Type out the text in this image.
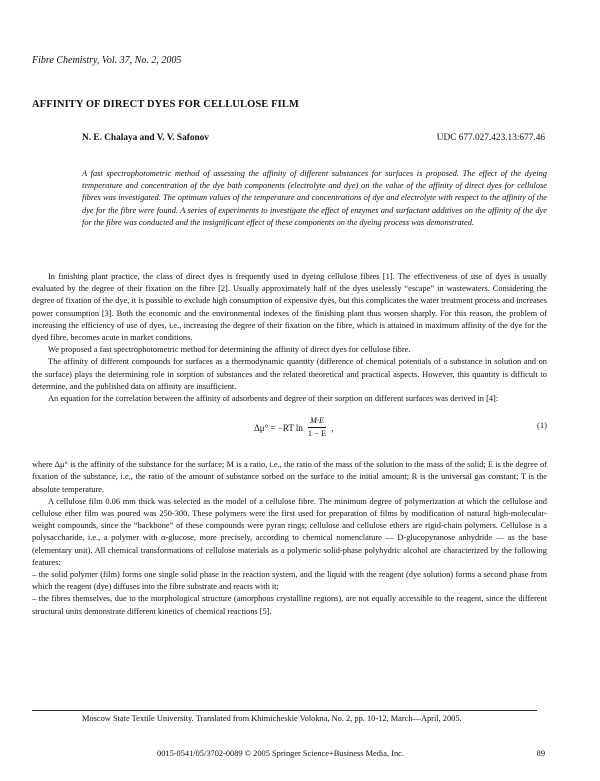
Fibre Chemistry, Vol. 37, No. 2, 2005
AFFINITY OF DIRECT DYES FOR CELLULOSE FILM
N. E. Chalaya and V. V. Safonov	UDC 677.027.423.13:677.46

A fast spectrophotometric method of assessing the affinity of different substances for surfaces is proposed. The effect of the dyeing temperature and concentration of the dye bath components (electrolyte and dye) on the value of the affinity of direct dyes for cellulose fibres was investigated. The optimum values of the temperature and concentrations of dye and electrolyte with respect to the affinity of the dye for the fibre were found. A series of experiments to investigate the effect of enzymes and surfactant additives on the affinity of the dye for the fibre was conducted and the insignificant effect of these components on the dyeing process was demonstrated.

In finishing plant practice, the class of direct dyes is frequently used in dyeing cellulose fibres [1]. The effectiveness of use of dyes is usually evaluated by the degree of their fixation on the fibre [2]. Usually approximately half of the dyes uselessly “escape” in wastewaters. Considering the degree of fixation of the dye, it is possible to exclude high consumption of expensive dyes, but this complicates the water treatment process and increases power consumption [3]. Both the economic and the environmental indexes of the finishing plant thus worsen sharply. For this reason, the problem of increasing the efficiency of use of dyes, i.e., increasing the degree of their fixation on the fibre, which is attained in maximum affinity of the dye for the dyed fibre, becomes acute in market conditions.

We proposed a fast spectrophotometric method for determining the affinity of direct dyes for cellulose fibre.

The affinity of different compounds for surfaces as a thermodynamic quantity (difference of chemical potentials of a substance in solution and on the surface) plays the determining role in sorption of substances and the related theoretical and practical aspects. However, this quantity is difficult to determine, and the published data on affinity are insufficient.

An equation for the correlation between the affinity of adsorbents and degree of their sorption on different surfaces was derived in [4]:

Δμ° = −RT $\ln \frac{M\cdot E}{1 - E}$ ,	(1)

where Δμ° is the affinity of the substance for the surface; M is a ratio, i.e., the ratio of the mass of the solution to the mass of the solid; E is the degree of fixation of the substance, i.e., the ratio of the amount of substance sorbed on the surface to the initial amount; R is the universal gas constant; T is the absolute temperature.

A cellulose film 0.06 mm thick was selected as the model of a cellulose fibre. The minimum degree of polymerization at which the cellulose and cellulose ether film was poured was 250-300. These polymers were the first used for preparation of films by modification of natural high-molecular-weight compounds, since the “backbone” of these compounds were pyran rings; cellulose and cellulose ethers are rigid-chain polymers. Cellulose is a polysaccharide, i.e., a polymer with α-glucose, more precisely, according to chemical nomenclature — D-glucopyranose anhydride — as the base (elementary unit). All chemical transformations of cellulose materials as a polymeric solid-phase polyhydric alcohol are characterized by the following features:

– the solid polymer (film) forms one single solid phase in the reaction system, and the liquid with the reagent (dye solution) forms a second phase from which the reagent (dye) diffuses into the fibre substrate and reacts with it;

– the fibres themselves, due to the morphological structure (amorphous crystalline regions), are not equally accessible to the reagent, since the different structural units demonstrate different kinetics of chemical reactions [5].

Moscow State Textile University. Translated from Khimicheskie Volokna, No. 2, pp. 10-12, March—April, 2005.
0015-0541/05/3702-0089 © 2005 Springer Science+Business Media, Inc.	89
